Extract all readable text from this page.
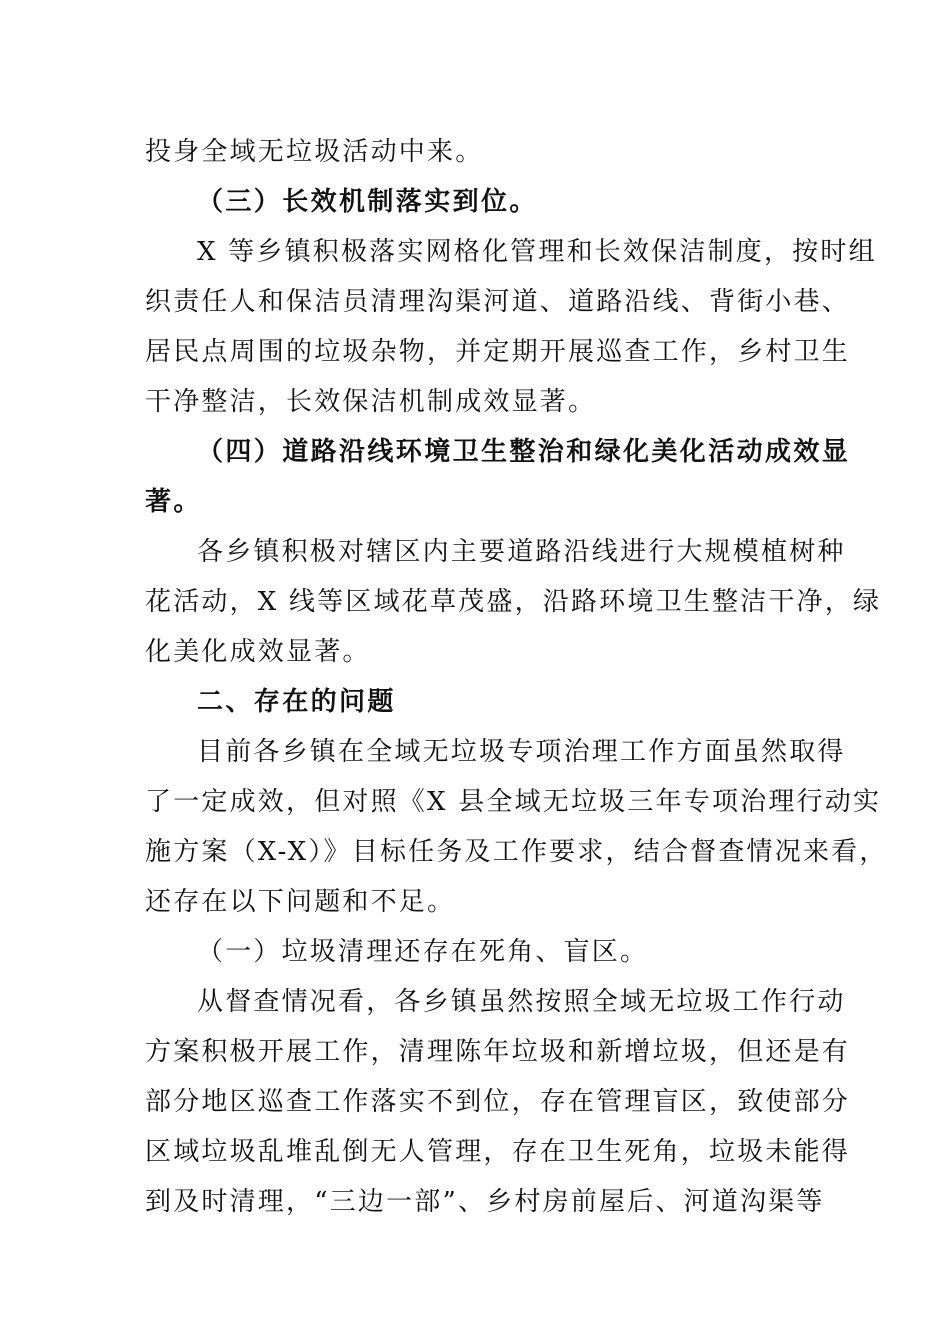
投身全域无垃圾活动中来。
（三）长效机制落实到位。
X 等乡镇积极落实网格化管理和长效保洁制度，按时组
织责任人和保洁员清理沟渠河道、道路沿线、背街小巷、
居民点周围的垃圾杂物，并定期开展巡查工作，乡村卫生
干净整洁，长效保洁机制成效显著。
（四）道路沿线环境卫生整治和绿化美化活动成效显
著。
各乡镇积极对辖区内主要道路沿线进行大规模植树种
花活动，X 线等区域花草茂盛，沿路环境卫生整洁干净，绿
化美化成效显著。
二、存在的问题
目前各乡镇在全域无垃圾专项治理工作方面虽然取得
了一定成效，但对照《X 县全域无垃圾三年专项治理行动实
施方案（X-X）》目标任务及工作要求，结合督查情况来看，
还存在以下问题和不足。
（一）垃圾清理还存在死角、盲区。
从督查情况看，各乡镇虽然按照全域无垃圾工作行动
方案积极开展工作，清理陈年垃圾和新增垃圾，但还是有
部分地区巡查工作落实不到位，存在管理盲区，致使部分
区域垃圾乱堆乱倒无人管理，存在卫生死角，垃圾未能得
到及时清理，“三边一部”、乡村房前屋后、河道沟渠等
